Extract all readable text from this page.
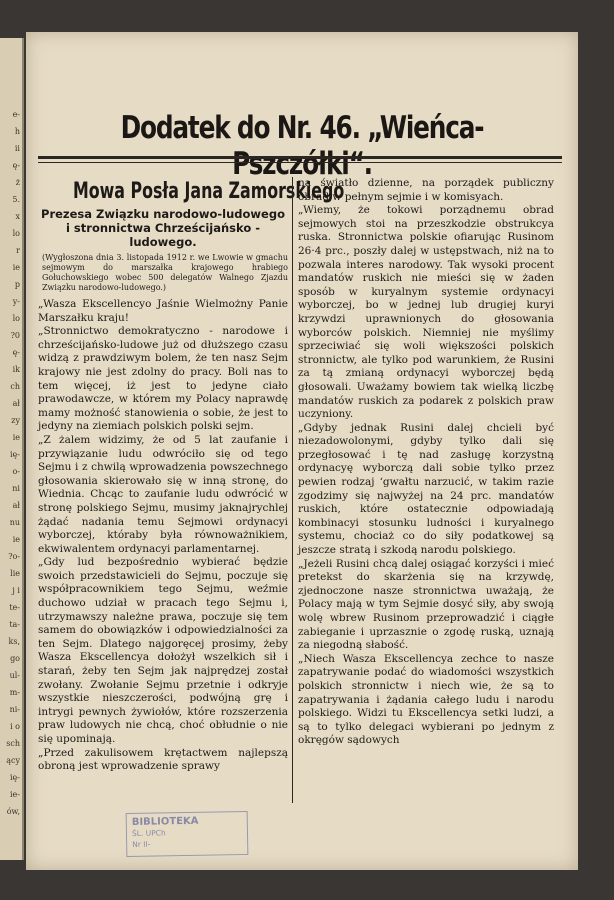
e-
h
ii
ę-
ż
5.
x
lo
r
ie
p
y-
lo
?0
ę-
ik
ch
ał
zy
ie
ię-
o-
ni
ał
nu
ie
?o-
lie
j i
te-
ta-
ks,
go
ul-
m-
ni-
i o
sch
ący
ię-
ie-
ów,
Dodatek do Nr. 46. „Wieńca-Pszczółki“.
Mowa Posła Jana Zamorskiego
Prezesa Związku narodowo-ludowego i stronnictwa Chrześcijańsko - ludowego.
(Wygłoszona dnia 3. listopada 1912 r. we Lwowie w gmachu sejmowym do marszałka krajowego hrabiego Gołuchowskiego wobec 500 delegatów Walnego Zjazdu Związku narodowo-ludowego.)

„Wasza Ekscellencyo Jaśnie Wielmożny Panie Marszałku kraju!

„Stronnictwo demokratyczno - narodowe i chrześcijańsko-ludowe już od dłuższego czasu widzą z prawdziwym bolem, że ten nasz Sejm krajowy nie jest zdolny do pracy. Boli nas to tem więcej, iż jest to jedyne ciało prawodawcze, w którem my Polacy naprawdę mamy możność stanowienia o sobie, że jest to jedyny na ziemiach polskich polski sejm.

„Z żalem widzimy, że od 5 lat zaufanie i przywiązanie ludu odwróciło się od tego Sejmu i z chwilą wprowadzenia powszechnego głosowania skierowało się w inną stronę, do Wiednia. Chcąc to zaufanie ludu odwrócić w stronę polskiego Sejmu, musimy jaknajrychlej żądać nadania temu Sejmowi ordynacyi wyborczej, któraby była równoważnikiem, ekwiwalentem ordynacyi parlamentarnej.

„Gdy lud bezpośrednio wybierać będzie swoich przedstawicieli do Sejmu, poczuje się współpracownikiem tego Sejmu, weźmie duchowo udział w pracach tego Sejmu i, utrzymawszy należne prawa, poczuje się tem samem do obowiązków i odpowiedzialności za ten Sejm. Dlatego najgoręcej prosimy, żeby Wasza Ekscellencya dołożył wszelkich sił i starań, żeby ten Sejm jak najprędzej został zwołany. Zwołanie Sejmu przetnie i odkryje wszystkie nieszczerości, podwójną grę i intrygi pewnych żywiołów, które rozszerzenia praw ludowych nie chcą, choć obłudnie o nie się upominają.

„Przed zakulisowem krętactwem najlepszą obroną jest wprowadzenie sprawy

na światło dzienne, na porządek publiczny obrad w pełnym sejmie i w komisyach.

„Wiemy, że tokowi porządnemu obrad sejmowych stoi na przeszkodzie obstrukcya ruska. Stronnictwa polskie ofiarując Rusinom 26·4 prc., poszły dalej w ustępstwach, niż na to pozwala interes narodowy. Tak wysoki procent mandatów ruskich nie mieści się w żaden sposób w kuryalnym systemie ordynacyi wyborczej, bo w jednej lub drugiej kuryi krzywdzi uprawnionych do głosowania wyborców polskich. Niemniej nie myślimy sprzeciwiać się woli większości polskich stronnictw, ale tylko pod warunkiem, że Rusini za tą zmianą ordynacyi wyborczej będą głosowali. Uważamy bowiem tak wielką liczbę mandatów ruskich za podarek z polskich praw uczyniony.

„Gdyby jednak Rusini dalej chcieli być niezadowolonymi, gdyby tylko dali się przegłosować i tę nad zasługę korzystną ordynacyę wyborczą dali sobie tylko przez pewien rodzaj ‘gwałtu narzucić, w takim razie zgodzimy się najwyżej na 24 prc. mandatów ruskich, które ostatecznie odpowiadają kombinacyi stosunku ludności i kuryalnego systemu, chociaż co do siły podatkowej są jeszcze stratą i szkodą narodu polskiego.

„Jeżeli Rusini chcą dalej osiągać korzyści i mieć pretekst do skarżenia się na krzywdę, zjednoczone nasze stronnictwa uważają, że Polacy mają w tym Sejmie dosyć siły, aby swoją wolę wbrew Rusinom przeprowadzić i ciągłe zabieganie i uprzasznie o zgodę ruską, uznają za niegodną słabość.

„Niech Wasza Ekscellencya zechce to nasze zapatrywanie podać do wiadomości wszystkich polskich stronnictw i niech wie, że są to zapatrywania i żądania całego ludu i narodu polskiego. Widzi tu Ekscellencya setki ludzi, a są to tylko delegaci wybierani po jednym z okręgów sądowych

BIBLIOTEKA
ŚL. UPCh
Nr II-
